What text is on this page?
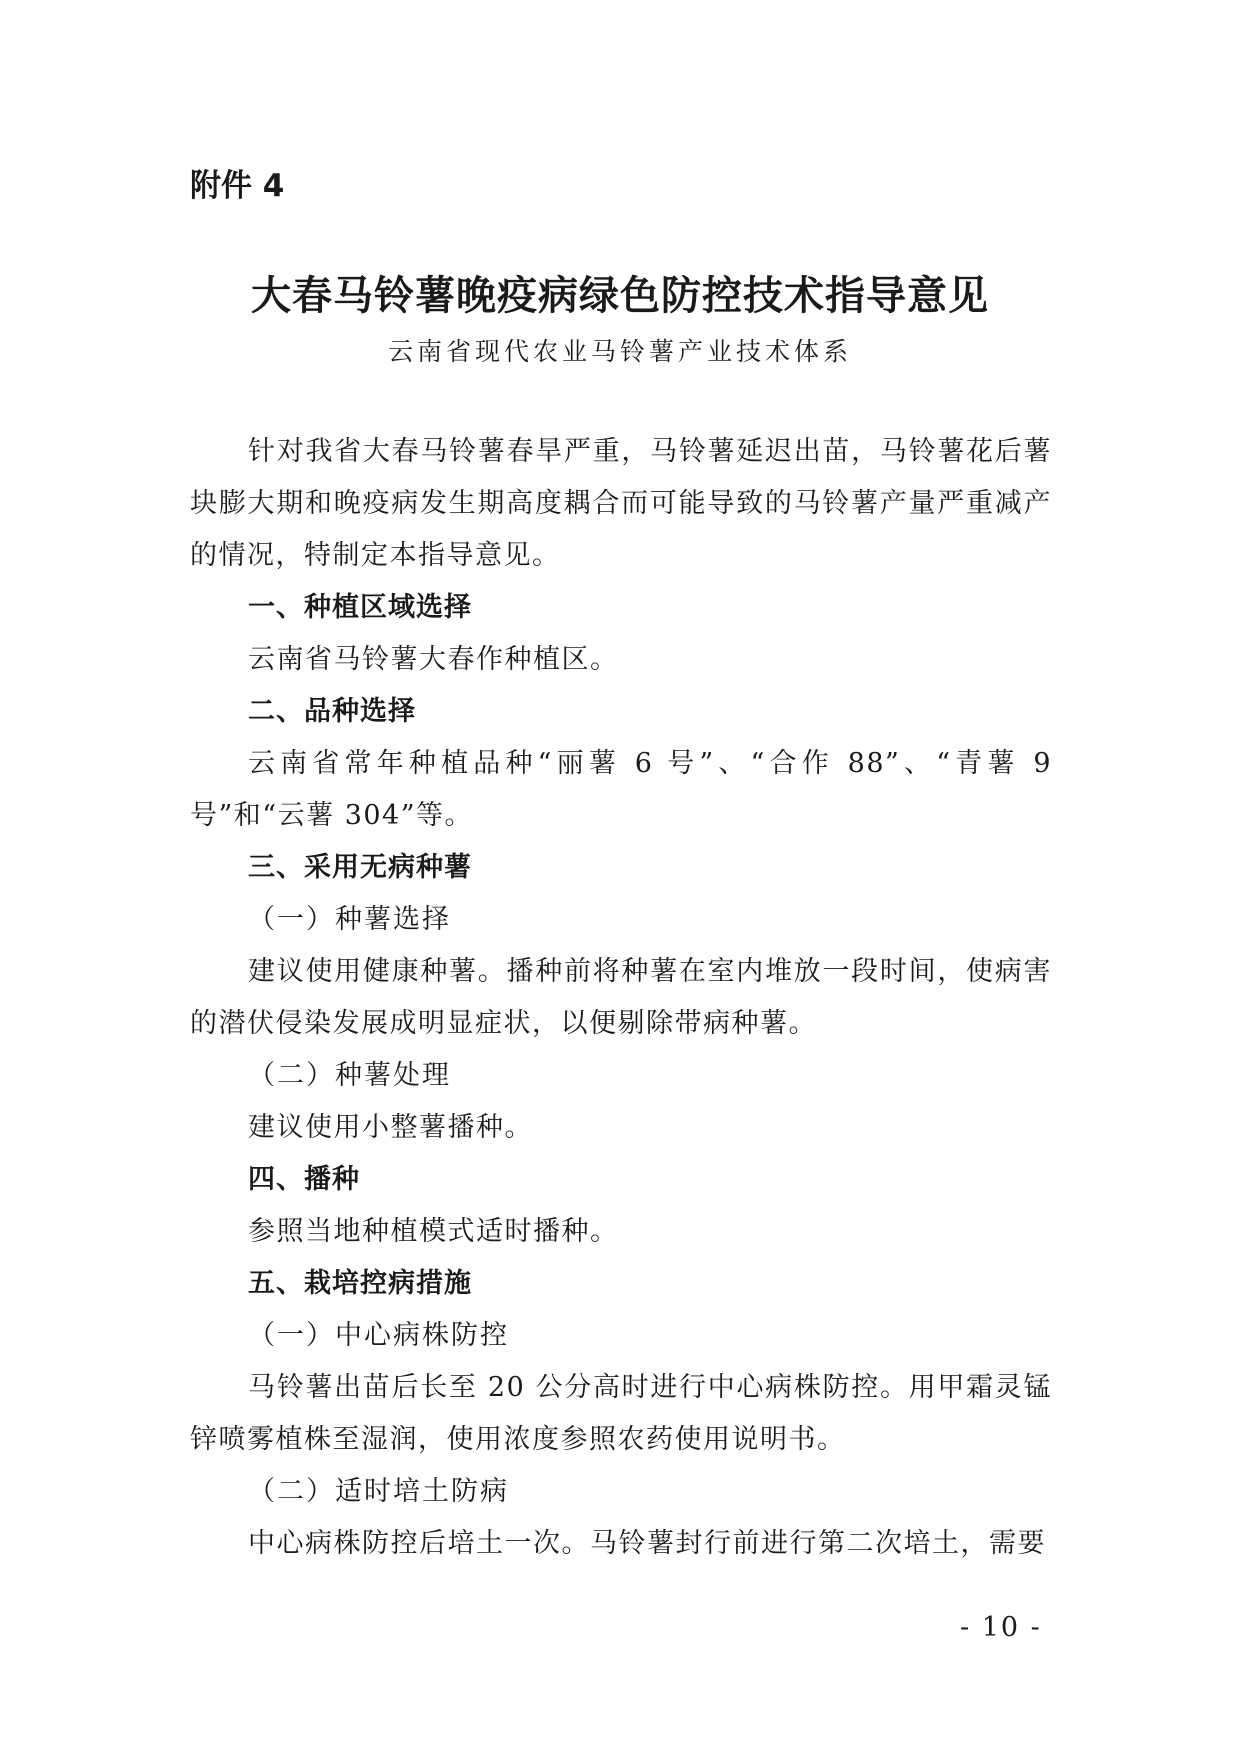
附件 4
大春马铃薯晚疫病绿色防控技术指导意见
云南省现代农业马铃薯产业技术体系

针对我省大春马铃薯春旱严重，马铃薯延迟出苗，马铃薯花后薯块膨大期和晚疫病发生期高度耦合而可能导致的马铃薯产量严重减产的情况，特制定本指导意见。

一、种植区域选择

云南省马铃薯大春作种植区。

二、品种选择

云南省常年种植品种“丽薯 6 号”、“合作 88”、“青薯 9 号”和“云薯 304”等。

三、采用无病种薯

（一）种薯选择

建议使用健康种薯。播种前将种薯在室内堆放一段时间，使病害的潜伏侵染发展成明显症状，以便剔除带病种薯。

（二）种薯处理

建议使用小整薯播种。

四、播种

参照当地种植模式适时播种。

五、栽培控病措施

（一）中心病株防控

马铃薯出苗后长至 20 公分高时进行中心病株防控。用甲霜灵锰锌喷雾植株至湿润，使用浓度参照农药使用说明书。

（二）适时培土防病

中心病株防控后培土一次。马铃薯封行前进行第二次培土，需要

- 10 -
